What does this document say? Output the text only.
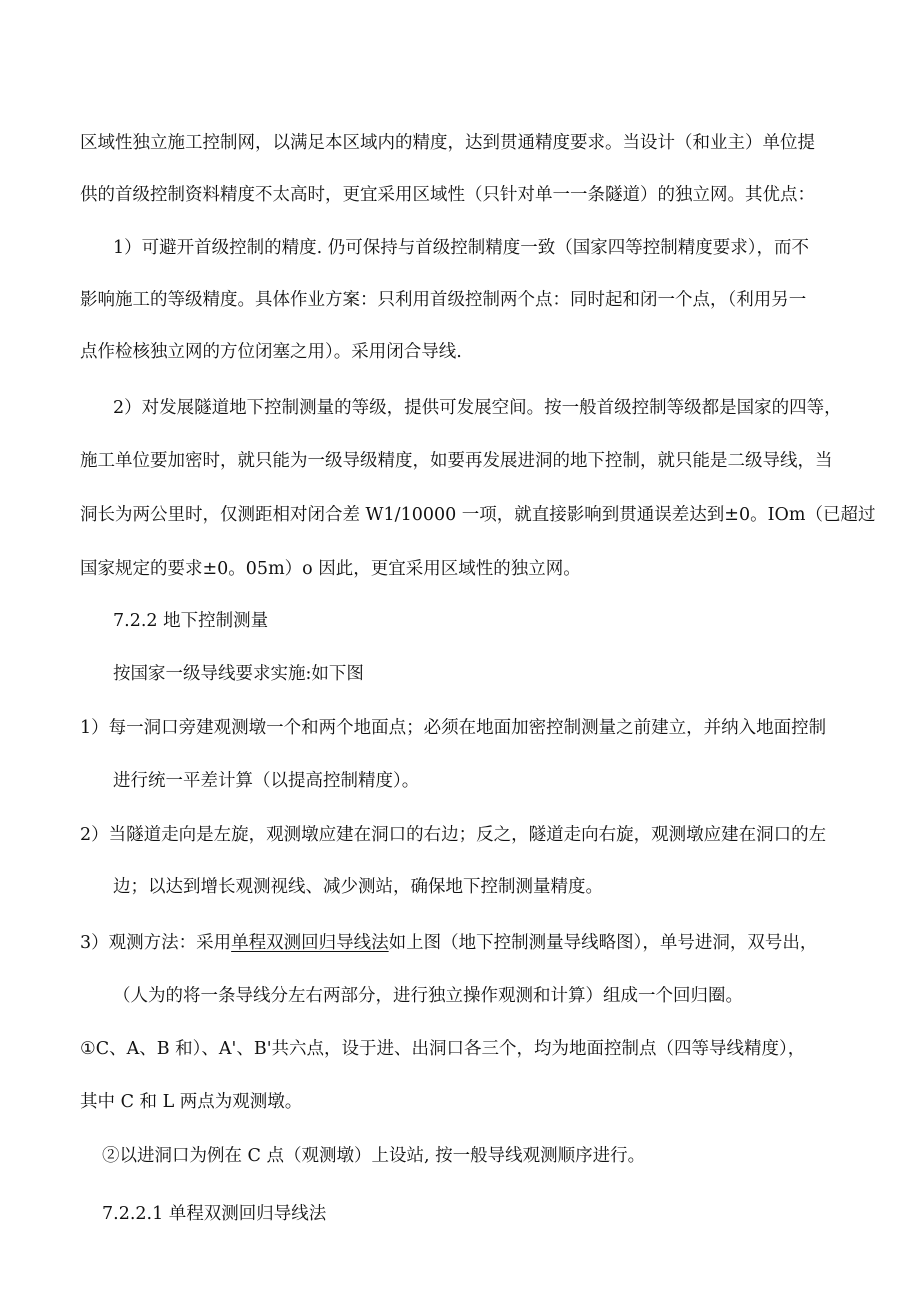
区域性独立施工控制网，以满足本区域内的精度，达到贯通精度要求。当设计（和业主）单位提
供的首级控制资料精度不太高时，更宜采用区域性（只针对单一一条隧道）的独立网。其优点：
1）可避开首级控制的精度. 仍可保持与首级控制精度一致（国家四等控制精度要求），而不
影响施工的等级精度。具体作业方案：只利用首级控制两个点：同时起和闭一个点，（利用另一
点作检核独立网的方位闭塞之用）。采用闭合导线.
2）对发展隧道地下控制测量的等级，提供可发展空间。按一般首级控制等级都是国家的四等，
施工单位要加密时，就只能为一级导级精度，如要再发展进洞的地下控制，就只能是二级导线，当
洞长为两公里时，仅测距相对闭合差 W1/10000 一项，就直接影响到贯通误差达到±0。IOm（已超过
国家规定的要求±0。05m）o 因此，更宜采用区域性的独立网。
7.2.2 地下控制测量
按国家一级导线要求实施:如下图
1）每一洞口旁建观测墩一个和两个地面点；必须在地面加密控制测量之前建立，并纳入地面控制
进行统一平差计算（以提高控制精度）。
2）当隧道走向是左旋，观测墩应建在洞口的右边；反之，隧道走向右旋，观测墩应建在洞口的左
边；以达到增长观测视线、减少测站，确保地下控制测量精度。
3）观测方法：采用单程双测回归导线法如上图（地下控制测量导线略图），单号进洞，双号出，
（人为的将一条导线分左右两部分，进行独立操作观测和计算）组成一个回归圈。
①C、A、B 和）、A'、B'共六点，设于进、出洞口各三个，均为地面控制点（四等导线精度），
其中 C 和 L 两点为观测墩。
②以进洞口为例在 C 点（观测墩）上设站, 按一般导线观测顺序进行。
7.2.2.1 单程双测回归导线法
